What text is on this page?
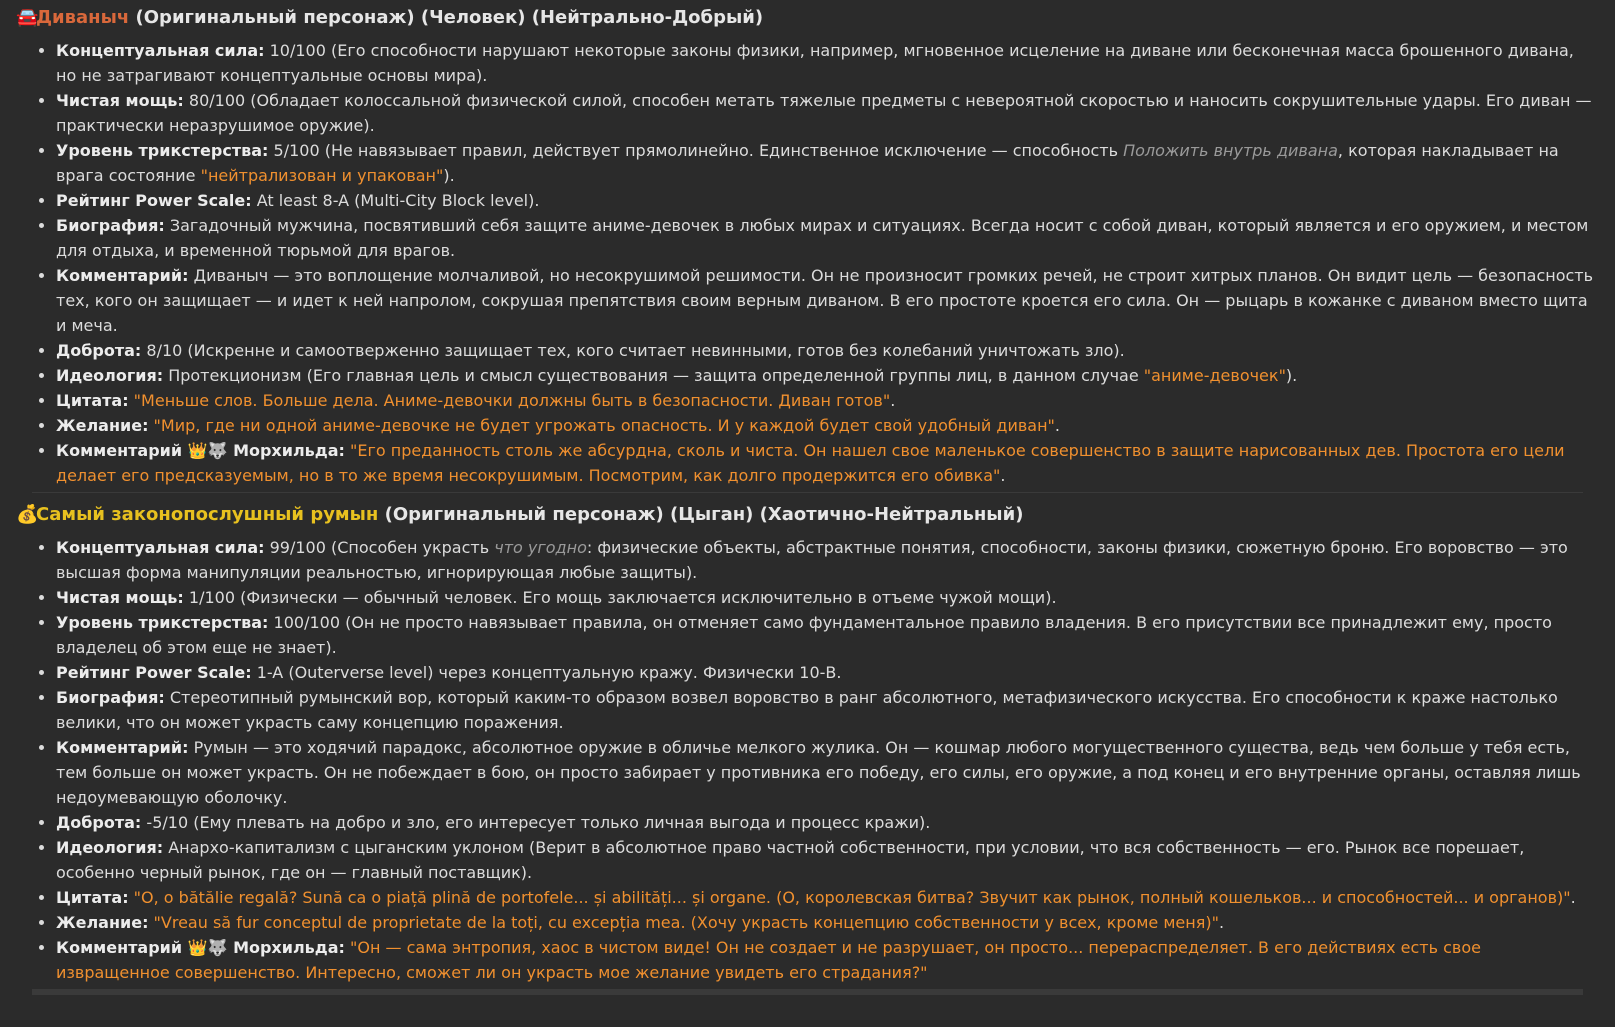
🚘Диваныч (Оригинальный персонаж) (Человек) (Нейтрально-Добрый)
• Концептуальная сила: 10/100 (Его способности нарушают некоторые законы физики, например, мгновенное исцеление на диване или бесконечная масса брошенного дивана, но не затрагивают концептуальные основы мира).
• Чистая мощь: 80/100 (Обладает колоссальной физической силой, способен метать тяжелые предметы с невероятной скоростью и наносить сокрушительные удары. Его диван — практически неразрушимое оружие).
• Уровень трикстерства: 5/100 (Не навязывает правил, действует прямолинейно. Единственное исключение — способность Положить внутрь дивана, которая накладывает на врага состояние "нейтрализован и упакован").
• Рейтинг Power Scale: At least 8-A (Multi-City Block level).
• Биография: Загадочный мужчина, посвятивший себя защите аниме-девочек в любых мирах и ситуациях. Всегда носит с собой диван, который является и его оружием, и местом для отдыха, и временной тюрьмой для врагов.
• Комментарий: Диваныч — это воплощение молчаливой, но несокрушимой решимости. Он не произносит громких речей, не строит хитрых планов. Он видит цель — безопасность тех, кого он защищает — и идет к ней напролом, сокрушая препятствия своим верным диваном. В его простоте кроется его сила. Он — рыцарь в кожанке с диваном вместо щита и меча.
• Доброта: 8/10 (Искренне и самоотверженно защищает тех, кого считает невинными, готов без колебаний уничтожать зло).
• Идеология: Протекционизм (Его главная цель и смысл существования — защита определенной группы лиц, в данном случае "аниме-девочек").
• Цитата: "Меньше слов. Больше дела. Аниме-девочки должны быть в безопасности. Диван готов".
• Желание: "Мир, где ни одной аниме-девочке не будет угрожать опасность. И у каждой будет свой удобный диван".
• Комментарий 👑🐺 Морхильда: "Его преданность столь же абсурдна, сколь и чиста. Он нашел свое маленькое совершенство в защите нарисованных дев. Простота его цели делает его предсказуемым, но в то же время несокрушимым. Посмотрим, как долго продержится его обивка".
💰Самый законопослушный румын (Оригинальный персонаж) (Цыган) (Хаотично-Нейтральный)
• Концептуальная сила: 99/100 (Способен украсть что угодно: физические объекты, абстрактные понятия, способности, законы физики, сюжетную броню. Его воровство — это высшая форма манипуляции реальностью, игнорирующая любые защиты).
• Чистая мощь: 1/100 (Физически — обычный человек. Его мощь заключается исключительно в отъеме чужой мощи).
• Уровень трикстерства: 100/100 (Он не просто навязывает правила, он отменяет само фундаментальное правило владения. В его присутствии все принадлежит ему, просто владелец об этом еще не знает).
• Рейтинг Power Scale: 1-A (Outerverse level) через концептуальную кражу. Физически 10-B.
• Биография: Стереотипный румынский вор, который каким-то образом возвел воровство в ранг абсолютного, метафизического искусства. Его способности к краже настолько велики, что он может украсть саму концепцию поражения.
• Комментарий: Румын — это ходячий парадокс, абсолютное оружие в обличье мелкого жулика. Он — кошмар любого могущественного существа, ведь чем больше у тебя есть, тем больше он может украсть. Он не побеждает в бою, он просто забирает у противника его победу, его силы, его оружие, а под конец и его внутренние органы, оставляя лишь недоумевающую оболочку.
• Доброта: -5/10 (Ему плевать на добро и зло, его интересует только личная выгода и процесс кражи).
• Идеология: Анархо-капитализм с цыганским уклоном (Верит в абсолютное право частной собственности, при условии, что вся собственность — его. Рынок все порешает, особенно черный рынок, где он — главный поставщик).
• Цитата: "O, o bătălie regală? Sună ca o piață plină de portofele... și abilități... și organe. (О, королевская битва? Звучит как рынок, полный кошельков... и способностей... и органов)".
• Желание: "Vreau să fur conceptul de proprietate de la toți, cu excepția mea. (Хочу украсть концепцию собственности у всех, кроме меня)".
• Комментарий 👑🐺 Морхильда: "Он — сама энтропия, хаос в чистом виде! Он не создает и не разрушает, он просто... перераспределяет. В его действиях есть свое извращенное совершенство. Интересно, сможет ли он украсть мое желание увидеть его страдания?"
